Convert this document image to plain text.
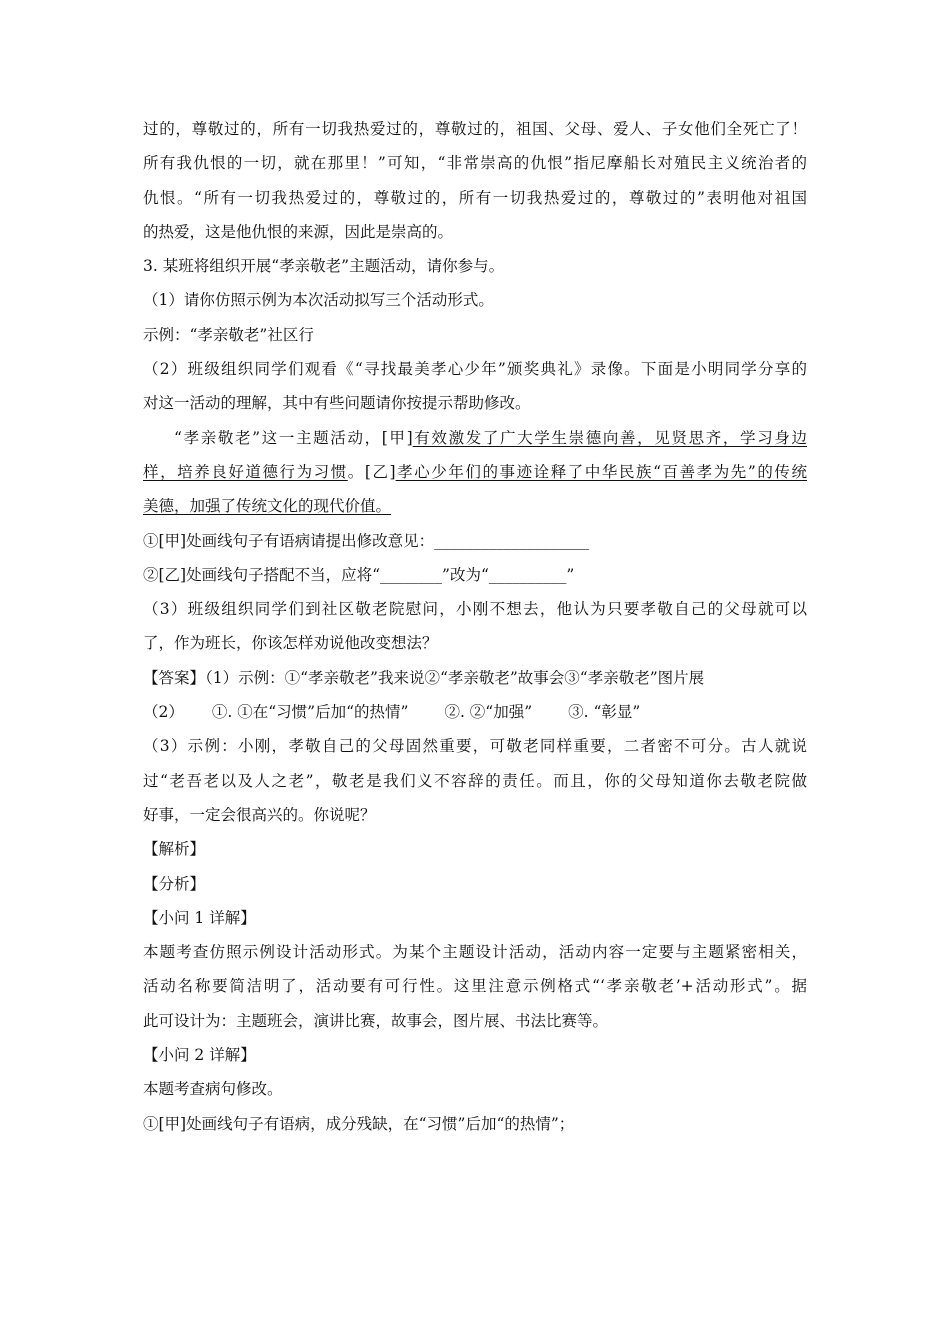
过的，尊敬过的，所有一切我热爱过的，尊敬过的，祖国、父母、爱人、子女他们全死亡了！
所有我仇恨的一切，就在那里！”可知，“非常崇高的仇恨”指尼摩船长对殖民主义统治者的
仇恨。“所有一切我热爱过的，尊敬过的，所有一切我热爱过的，尊敬过的”表明他对祖国
的热爱，这是他仇恨的来源，因此是崇高的。
3. 某班将组织开展“孝亲敬老”主题活动，请你参与。
（1）请你仿照示例为本次活动拟写三个活动形式。
示例：“孝亲敬老”社区行
（2）班级组织同学们观看《“寻找最美孝心少年”颁奖典礼》录像。下面是小明同学分享的
对这一活动的理解，其中有些问题请你按提示帮助修改。
“孝亲敬老”这一主题活动，[甲]有效激发了广大学生崇德向善，见贤思齐，学习身边
样，培养良好道德行为习惯。[乙]孝心少年们的事迹诠释了中华民族“百善孝为先”的传统
美德，加强了传统文化的现代价值。
①[甲]处画线句子有语病请提出修改意见：____________________
②[乙]处画线句子搭配不当，应将“________”改为“__________”
（3）班级组织同学们到社区敬老院慰问，小刚不想去，他认为只要孝敬自己的父母就可以
了，作为班长，你该怎样劝说他改变想法？
【答案】（1）示例：①“孝亲敬老”我来说②“孝亲敬老”故事会③“孝亲敬老”图片展
（2） ①. ①在“习惯”后加“的热情” ②. ②“加强” ③. “彰显”
（3）示例：小刚，孝敬自己的父母固然重要，可敬老同样重要，二者密不可分。古人就说
过“老吾老以及人之老”，敬老是我们义不容辞的责任。而且，你的父母知道你去敬老院做
好事，一定会很高兴的。你说呢？
【解析】
【分析】
【小问 1 详解】
本题考查仿照示例设计活动形式。为某个主题设计活动，活动内容一定要与主题紧密相关，
活动名称要简洁明了，活动要有可行性。这里注意示例格式“‘孝亲敬老’+活动形式”。据
此可设计为：主题班会，演讲比赛，故事会，图片展、书法比赛等。
【小问 2 详解】
本题考查病句修改。
①[甲]处画线句子有语病，成分残缺，在“习惯”后加“的热情”；
